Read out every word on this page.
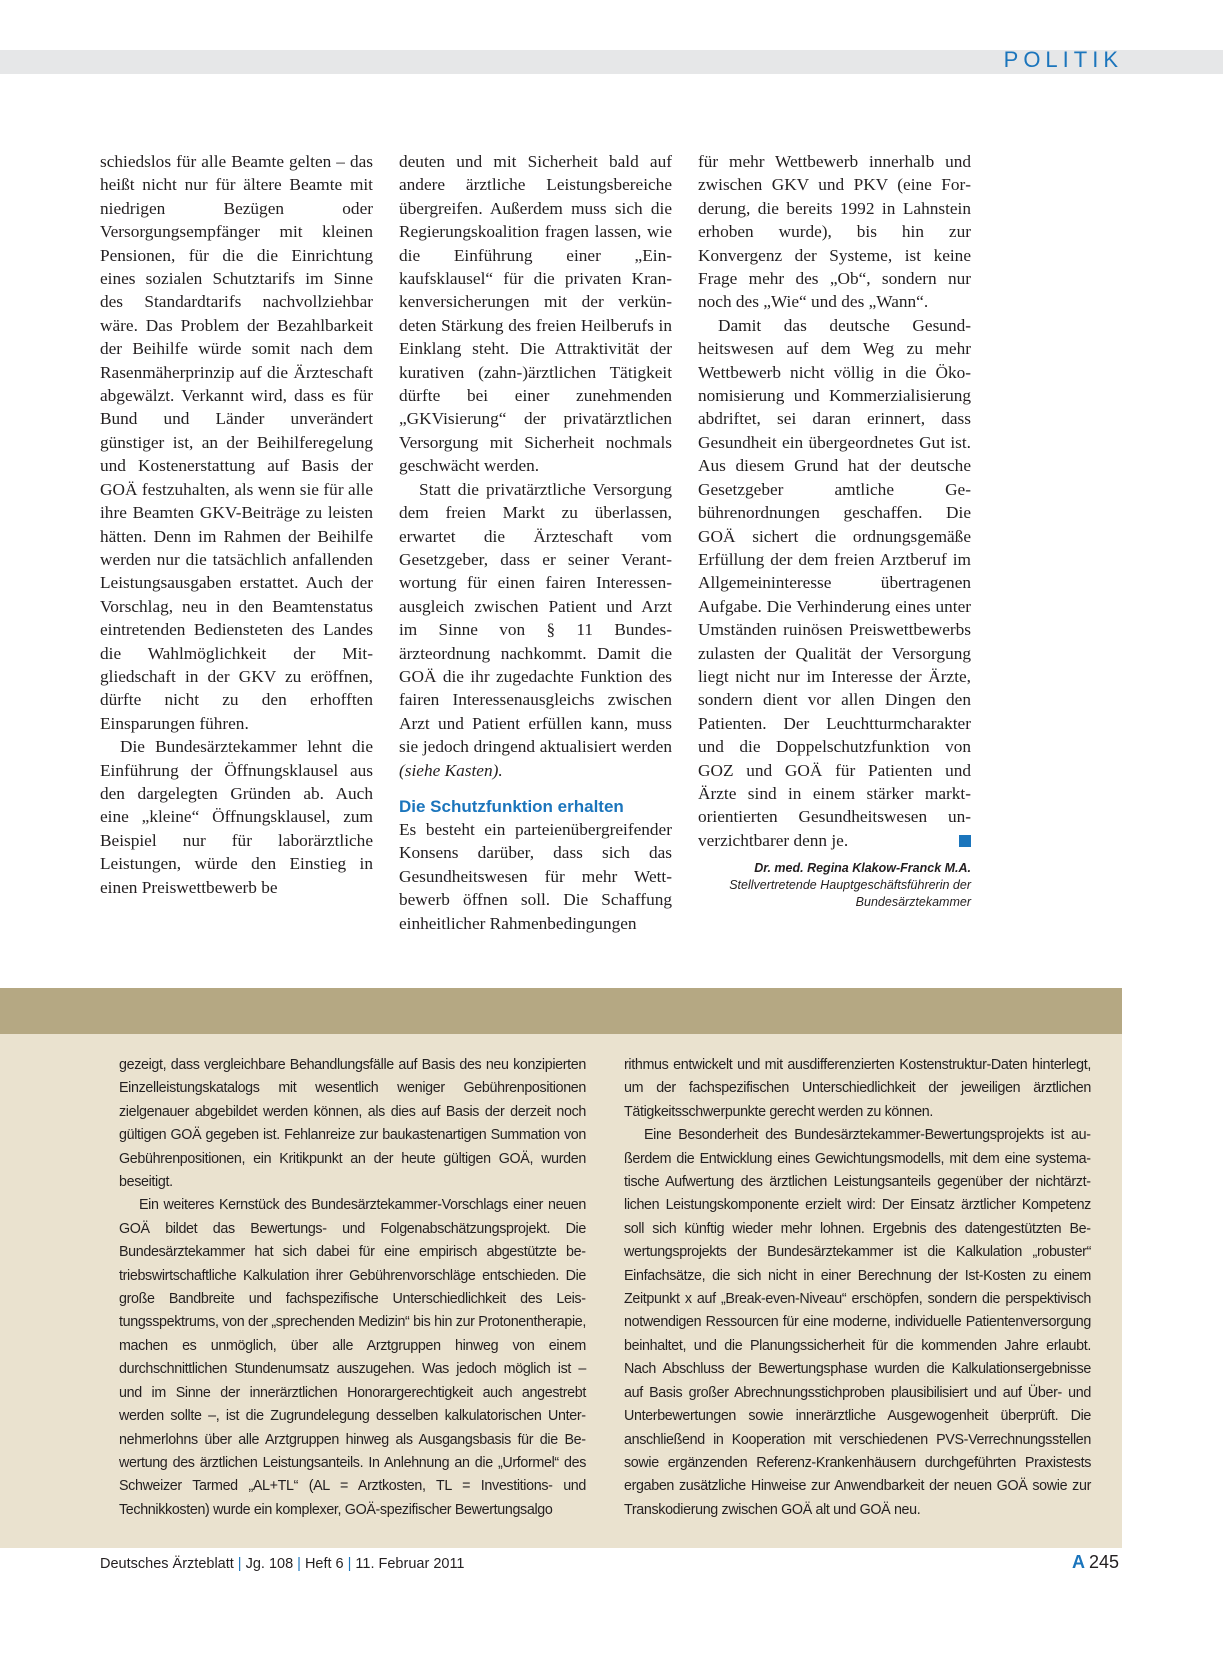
POLITIK

schiedslos für alle Beamte gelten – das heißt nicht nur für ältere Beamte mit niedrigen Bezügen oder Versorgungsempfänger mit kleinen Pensionen, für die die Einrichtung eines sozialen Schutztarifs im Sinne des Standardtarifs nachvollziehbar wäre. Das Problem der Bezahlbarkeit der Beihilfe würde somit nach dem Rasenmäherprinzip auf die Ärzteschaft abgewälzt. Verkannt wird, dass es für Bund und Länder unverändert günstiger ist, an der Beihilferegelung und Kostenerstattung auf Basis der GOÄ festzuhalten, als wenn sie für alle ihre Beamten GKV-Beiträge zu leisten hätten. Denn im Rahmen der Beihilfe werden nur die tatsächlich anfallenden Leistungsausgaben erstattet. Auch der Vorschlag, neu in den Beamtenstatus eintretenden Bediensteten des Landes die Wahlmöglichkeit der Mitgliedschaft in der GKV zu eröffnen, dürfte nicht zu den erhofften Einsparungen führen.

Die Bundesärztekammer lehnt die Einführung der Öffnungsklausel aus den dargelegten Gründen ab. Auch eine „kleine“ Öffnungsklausel, zum Beispiel nur für laborärztliche Leistungen, würde den Einstieg in einen Preiswettbewerb be

deuten und mit Sicherheit bald auf andere ärztliche Leistungsbereiche übergreifen. Außerdem muss sich die Regierungskoalition fragen lassen, wie die Einführung einer „Einkaufsklausel“ für die privaten Krankenversicherungen mit der verkündeten Stärkung des freien Heilberufs in Einklang steht. Die Attraktivität der kurativen (zahn-)ärztlichen Tätigkeit dürfte bei einer zunehmenden „GKVisierung“ der privatärztlichen Versorgung mit Sicherheit nochmals geschwächt werden.

Statt die privatärztliche Versorgung dem freien Markt zu überlassen, erwartet die Ärzteschaft vom Gesetzgeber, dass er seiner Verantwortung für einen fairen Interessenausgleich zwischen Patient und Arzt im Sinne von § 11 Bundesärzteordnung nachkommt. Damit die GOÄ die ihr zugedachte Funktion des fairen Interessenausgleichs zwischen Arzt und Patient erfüllen kann, muss sie jedoch dringend aktualisiert werden (siehe Kasten).

Die Schutzfunktion erhalten

Es besteht ein parteienübergreifender Konsens darüber, dass sich das Gesundheitswesen für mehr Wettbewerb öffnen soll. Die Schaffung einheitlicher Rahmenbedingungen

für mehr Wettbewerb innerhalb und zwischen GKV und PKV (eine Forderung, die bereits 1992 in Lahnstein erhoben wurde), bis hin zur Konvergenz der Systeme, ist keine Frage mehr des „Ob“, sondern nur noch des „Wie“ und des „Wann“.

Damit das deutsche Gesundheitswesen auf dem Weg zu mehr Wettbewerb nicht völlig in die Ökonomisierung und Kommerzialisierung abdriftet, sei daran erinnert, dass Gesundheit ein übergeordnetes Gut ist. Aus diesem Grund hat der deutsche Gesetzgeber amtliche Gebührenordnungen geschaffen. Die GOÄ sichert die ordnungsgemäße Erfüllung der dem freien Arztberuf im Allgemeininteresse übertragenen Aufgabe. Die Verhinderung eines unter Umständen ruinösen Preiswettbewerbs zulasten der Qualität der Versorgung liegt nicht nur im Interesse der Ärzte, sondern dient vor allen Dingen den Patienten. Der Leuchtturmcharakter und die Doppelschutzfunktion von GOZ und GOÄ für Patienten und Ärzte sind in einem stärker marktorientierten Gesundheitswesen unverzichtbarer denn je.

Dr. med. Regina Klakow-Franck M.A.
Stellvertretende Hauptgeschäftsführerin der
Bundesärztekammer

gezeigt, dass vergleichbare Behandlungsfälle auf Basis des neu konzipierten Einzelleistungskatalogs mit wesentlich weniger Gebührenpositionen zielgenauer abgebildet werden können, als dies auf Basis der derzeit noch gültigen GOÄ gegeben ist. Fehlanreize zur baukastenartigen Summation von Gebührenpositionen, ein Kritikpunkt an der heute gültigen GOÄ, wurden beseitigt.

Ein weiteres Kernstück des Bundesärztekammer-Vorschlags einer neuen GOÄ bildet das Bewertungs- und Folgenabschätzungsprojekt. Die Bundesärztekammer hat sich dabei für eine empirisch abgestützte betriebswirtschaftliche Kalkulation ihrer Gebührenvorschläge entschieden. Die große Bandbreite und fachspezifische Unterschiedlichkeit des Leistungsspektrums, von der „sprechenden Medizin“ bis hin zur Protonentherapie, machen es unmöglich, über alle Arztgruppen hinweg von einem durchschnittlichen Stundenumsatz auszugehen. Was jedoch möglich ist – und im Sinne der innerärztlichen Honorargerechtigkeit auch angestrebt werden sollte –, ist die Zugrundelegung desselben kalkulatorischen Unternehmerlohns über alle Arztgruppen hinweg als Ausgangsbasis für die Bewertung des ärztlichen Leistungsanteils. In Anlehnung an die „Urformel“ des Schweizer Tarmed „AL+TL“ (AL = Arztkosten, TL = Investitions- und Technikkosten) wurde ein komplexer, GOÄ-spezifischer Bewertungsalgo

rithmus entwickelt und mit ausdifferenzierten Kostenstruktur-Daten hinterlegt, um der fachspezifischen Unterschiedlichkeit der jeweiligen ärztlichen Tätigkeitsschwerpunkte gerecht werden zu können.

Eine Besonderheit des Bundesärztekammer-Bewertungsprojekts ist außerdem die Entwicklung eines Gewichtungsmodells, mit dem eine systematische Aufwertung des ärztlichen Leistungsanteils gegenüber der nichtärztlichen Leistungskomponente erzielt wird: Der Einsatz ärztlicher Kompetenz soll sich künftig wieder mehr lohnen. Ergebnis des datengestützten Bewertungsprojekts der Bundesärztekammer ist die Kalkulation „robuster“ Einfachsätze, die sich nicht in einer Berechnung der Ist-Kosten zu einem Zeitpunkt x auf „Break-even-Niveau“ erschöpfen, sondern die perspektivisch notwendigen Ressourcen für eine moderne, individuelle Patientenversorgung beinhaltet, und die Planungssicherheit für die kommenden Jahre erlaubt. Nach Abschluss der Bewertungsphase wurden die Kalkulationsergebnisse auf Basis großer Abrechnungsstichproben plausibilisiert und auf Über- und Unterbewertungen sowie innerärztliche Ausgewogenheit überprüft. Die anschließend in Kooperation mit verschiedenen PVS-Verrechnungsstellen sowie ergänzenden Referenz-Krankenhäusern durchgeführten Praxistests ergaben zusätzliche Hinweise zur Anwendbarkeit der neuen GOÄ sowie zur Transkodierung zwischen GOÄ alt und GOÄ neu.

Deutsches Ärzteblatt | Jg. 108 | Heft 6 | 11. Februar 2011	A 245
